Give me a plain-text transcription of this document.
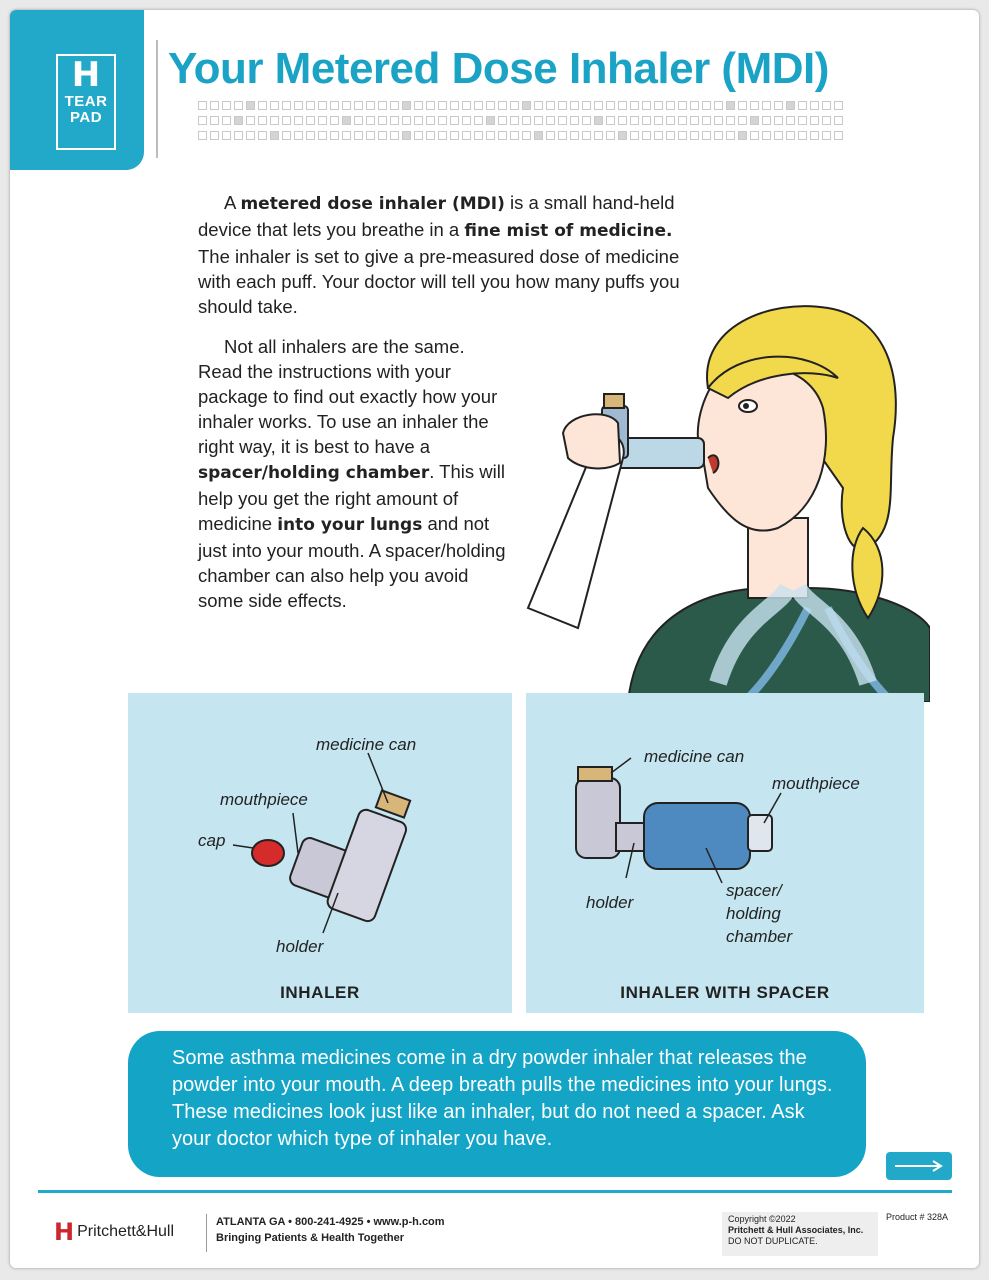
H
TEAR
PAD
Your Metered Dose Inhaler (MDI)

A metered dose inhaler (MDI) is a small hand-held device that lets you breathe in a fine mist of medicine. The inhaler is set to give a pre-measured dose of medicine with each puff. Your doctor will tell you how many puffs you should take.

Not all inhalers are the same. Read the instructions with your package to find out exactly how your inhaler works. To use an inhaler the right way, it is best to have a spacer/holding chamber. This will help you get the right amount of medicine into your lungs and not just into your mouth. A spacer/holding chamber can also help you avoid some side effects.

medicine can
mouthpiece
cap
holder
INHALER
medicine can
mouthpiece
holder
spacer/
holding
chamber
INHALER WITH SPACER

Some asthma medicines come in a dry powder inhaler that releases the powder into your mouth. A deep breath pulls the medicines into your lungs. These medicines look just like an inhaler, but do not need a spacer. Ask your doctor which type of inhaler you have.

H Pritchett&Hull
ATLANTA GA • 800-241-4925 • www.p-h.com
Bringing Patients & Health Together
Copyright ©2022
Pritchett & Hull Associates, Inc.
DO NOT DUPLICATE.
Product # 328A
